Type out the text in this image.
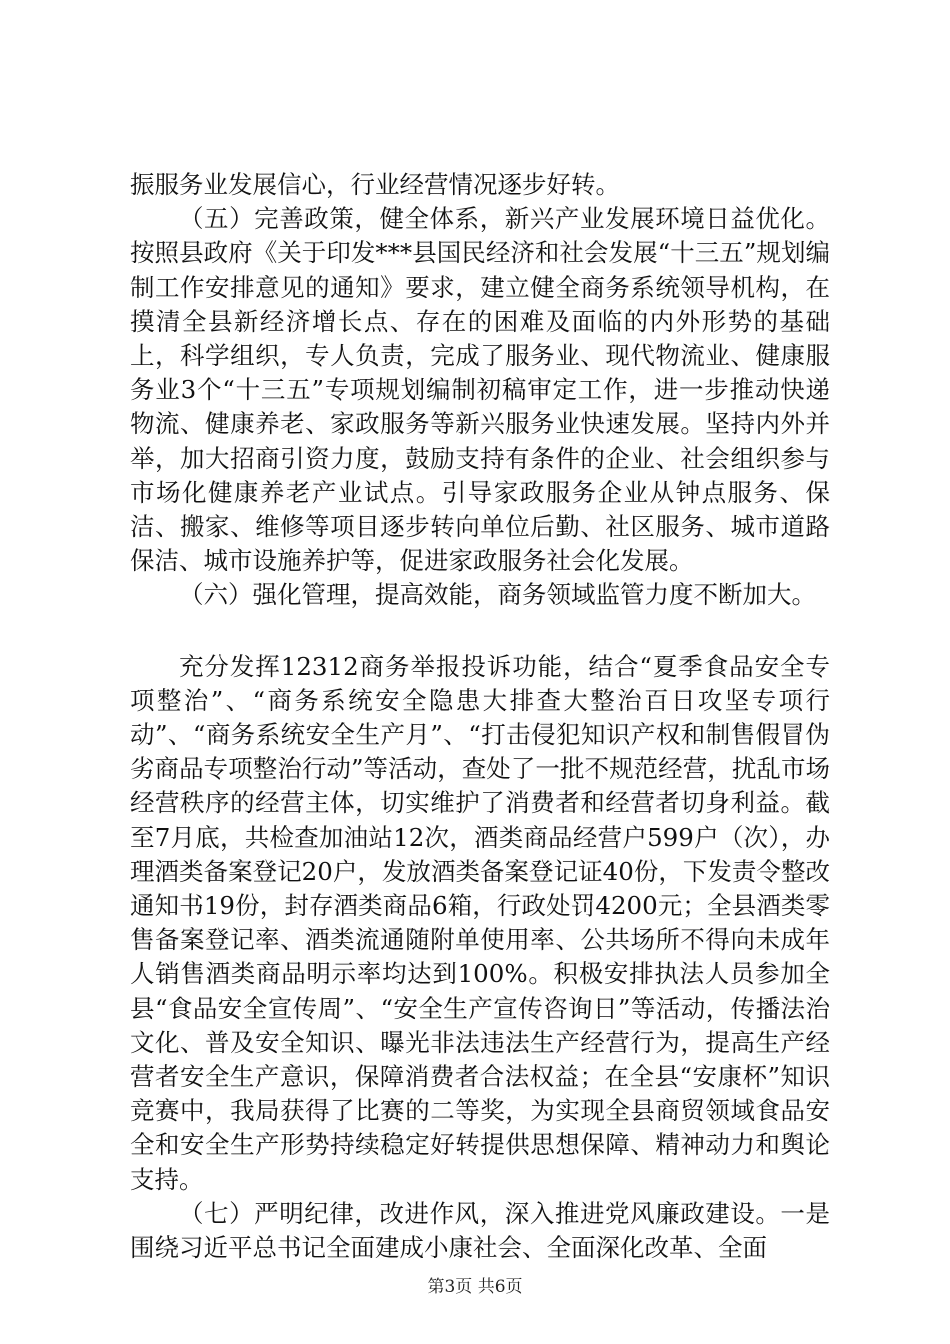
振服务业发展信心，行业经营情况逐步好转。

（五）完善政策，健全体系，新兴产业发展环境日益优化。按照县政府《关于印发***县国民经济和社会发展“十三五”规划编制工作安排意见的通知》要求，建立健全商务系统领导机构，在摸清全县新经济增长点、存在的困难及面临的内外形势的基础上，科学组织，专人负责，完成了服务业、现代物流业、健康服务业3个“十三五”专项规划编制初稿审定工作，进一步推动快递物流、健康养老、家政服务等新兴服务业快速发展。坚持内外并举，加大招商引资力度，鼓励支持有条件的企业、社会组织参与市场化健康养老产业试点。引导家政服务企业从钟点服务、保洁、搬家、维修等项目逐步转向单位后勤、社区服务、城市道路保洁、城市设施养护等，促进家政服务社会化发展。

（六）强化管理，提高效能，商务领域监管力度不断加大。

充分发挥12312商务举报投诉功能，结合“夏季食品安全专项整治”、“商务系统安全隐患大排查大整治百日攻坚专项行动”、“商务系统安全生产月”、“打击侵犯知识产权和制售假冒伪劣商品专项整治行动”等活动，查处了一批不规范经营，扰乱市场经营秩序的经营主体，切实维护了消费者和经营者切身利益。截至7月底，共检查加油站12次，酒类商品经营户599户（次），办理酒类备案登记20户，发放酒类备案登记证40份，下发责令整改通知书19份，封存酒类商品6箱，行政处罚4200元；全县酒类零售备案登记率、酒类流通随附单使用率、公共场所不得向未成年人销售酒类商品明示率均达到100%。积极安排执法人员参加全县“食品安全宣传周”、“安全生产宣传咨询日”等活动，传播法治文化、普及安全知识、曝光非法违法生产经营行为，提高生产经营者安全生产意识，保障消费者合法权益；在全县“安康杯”知识竞赛中，我局获得了比赛的二等奖，为实现全县商贸领域食品安全和安全生产形势持续稳定好转提供思想保障、精神动力和舆论支持。

（七）严明纪律，改进作风，深入推进党风廉政建设。一是围绕习近平总书记全面建成小康社会、全面深化改革、全面

第3页 共6页
